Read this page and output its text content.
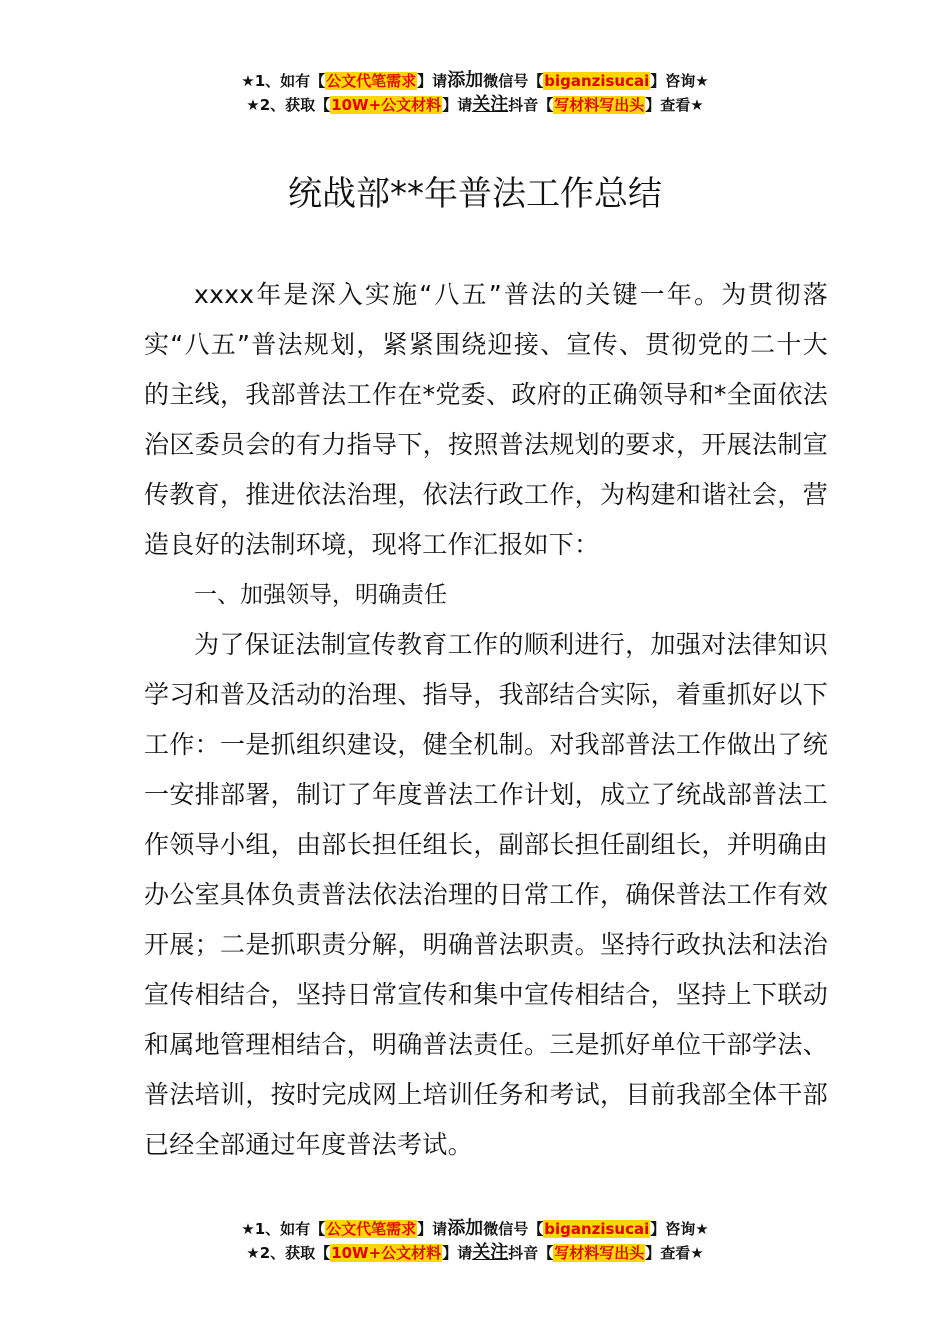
★1、如有【公文代笔需求】请添加微信号【biganzisucai】咨询★
★2、获取【10W+公文材料】请关注抖音【写材料写出头】查看★
统战部**年普法工作总结

xxxx年是深入实施“八五”普法的关键一年。为贯彻落实“八五”普法规划，紧紧围绕迎接、宣传、贯彻党的二十大的主线，我部普法工作在*党委、政府的正确领导和*全面依法治区委员会的有力指导下，按照普法规划的要求，开展法制宣传教育，推进依法治理，依法行政工作，为构建和谐社会，营造良好的法制环境，现将工作汇报如下：

一、加强领导，明确责任

为了保证法制宣传教育工作的顺利进行，加强对法律知识学习和普及活动的治理、指导，我部结合实际，着重抓好以下工作：一是抓组织建设，健全机制。对我部普法工作做出了统一安排部署，制订了年度普法工作计划，成立了统战部普法工作领导小组，由部长担任组长，副部长担任副组长，并明确由办公室具体负责普法依法治理的日常工作，确保普法工作有效开展；二是抓职责分解，明确普法职责。坚持行政执法和法治宣传相结合，坚持日常宣传和集中宣传相结合，坚持上下联动和属地管理相结合，明确普法责任。三是抓好单位干部学法、普法培训，按时完成网上培训任务和考试，目前我部全体干部已经全部通过年度普法考试。

★1、如有【公文代笔需求】请添加微信号【biganzisucai】咨询★
★2、获取【10W+公文材料】请关注抖音【写材料写出头】查看★
